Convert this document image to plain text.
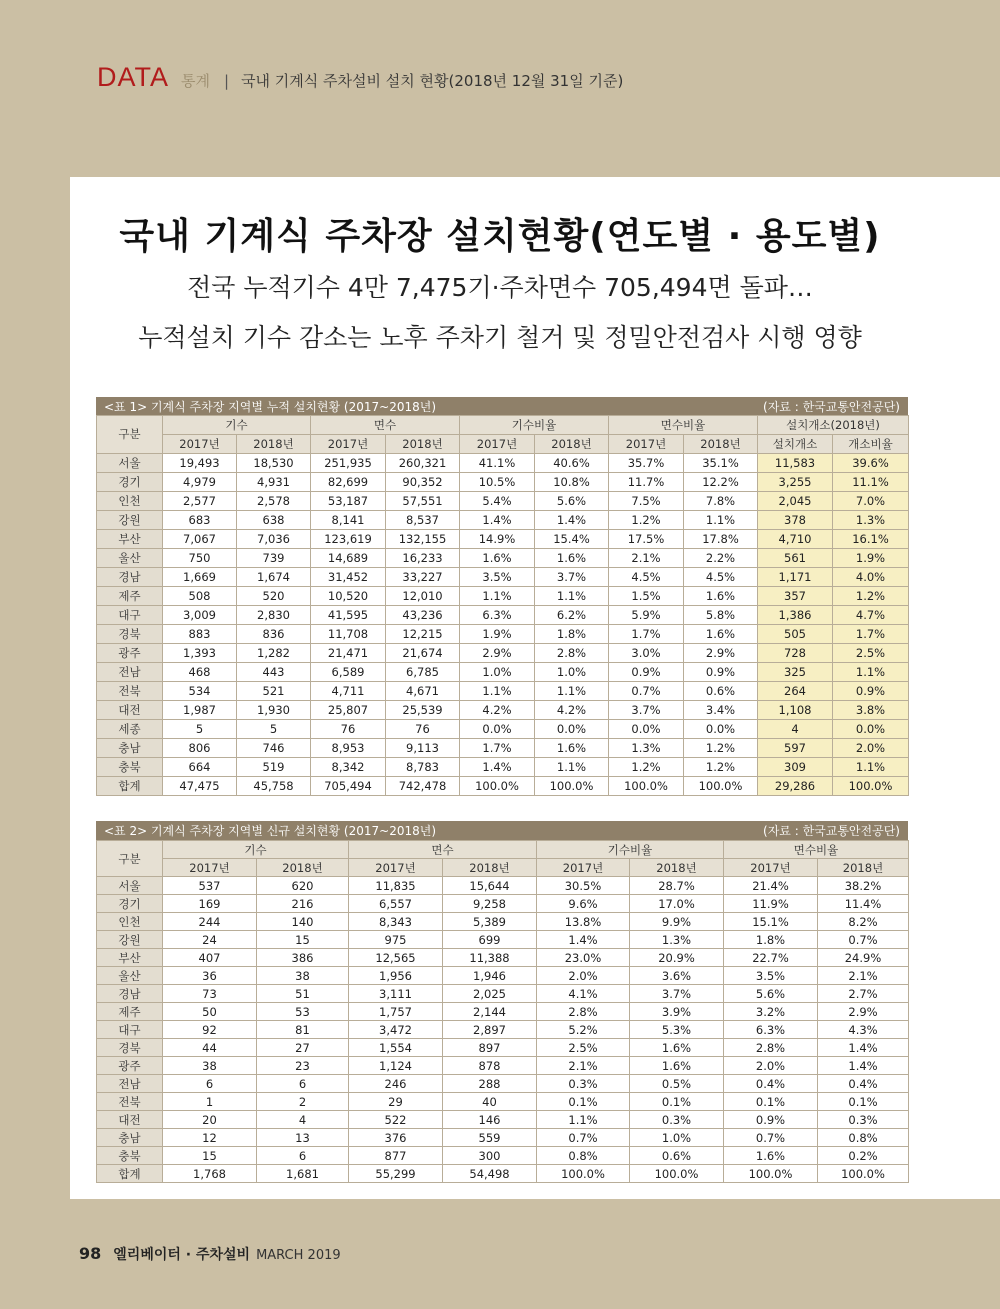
DATA 통계 | 국내 기계식 주차설비 설치 현황(2018년 12월 31일 기준)
국내 기계식 주차장 설치현황(연도별 · 용도별)
전국 누적기수 4만 7,475기·주차면수 705,494면 돌파…
누적설치 기수 감소는 노후 주차기 철거 및 정밀안전검사 시행 영향
<표 1> 기계식 주차장 지역별 누적 설치현황 (2017~2018년)	(자료 : 한국교통안전공단)
구분	기수		면수		기수비율		면수비율		설치개소(2018년)	
	2017년	2018년	2017년	2018년	2017년	2018년	2017년	2018년	설치개소	개소비율
서울	19,493	18,530	251,935	260,321	41.1%	40.6%	35.7%	35.1%	11,583	39.6%
경기	4,979	4,931	82,699	90,352	10.5%	10.8%	11.7%	12.2%	3,255	11.1%
인천	2,577	2,578	53,187	57,551	5.4%	5.6%	7.5%	7.8%	2,045	7.0%
강원	683	638	8,141	8,537	1.4%	1.4%	1.2%	1.1%	378	1.3%
부산	7,067	7,036	123,619	132,155	14.9%	15.4%	17.5%	17.8%	4,710	16.1%
울산	750	739	14,689	16,233	1.6%	1.6%	2.1%	2.2%	561	1.9%
경남	1,669	1,674	31,452	33,227	3.5%	3.7%	4.5%	4.5%	1,171	4.0%
제주	508	520	10,520	12,010	1.1%	1.1%	1.5%	1.6%	357	1.2%
대구	3,009	2,830	41,595	43,236	6.3%	6.2%	5.9%	5.8%	1,386	4.7%
경북	883	836	11,708	12,215	1.9%	1.8%	1.7%	1.6%	505	1.7%
광주	1,393	1,282	21,471	21,674	2.9%	2.8%	3.0%	2.9%	728	2.5%
전남	468	443	6,589	6,785	1.0%	1.0%	0.9%	0.9%	325	1.1%
전북	534	521	4,711	4,671	1.1%	1.1%	0.7%	0.6%	264	0.9%
대전	1,987	1,930	25,807	25,539	4.2%	4.2%	3.7%	3.4%	1,108	3.8%
세종	5	5	76	76	0.0%	0.0%	0.0%	0.0%	4	0.0%
충남	806	746	8,953	9,113	1.7%	1.6%	1.3%	1.2%	597	2.0%
충북	664	519	8,342	8,783	1.4%	1.1%	1.2%	1.2%	309	1.1%
합계	47,475	45,758	705,494	742,478	100.0%	100.0%	100.0%	100.0%	29,286	100.0%
<표 2> 기계식 주차장 지역별 신규 설치현황 (2017~2018년)	(자료 : 한국교통안전공단)
구분	기수		면수		기수비율		면수비율	
	2017년	2018년	2017년	2018년	2017년	2018년	2017년	2018년
서울	537	620	11,835	15,644	30.5%	28.7%	21.4%	38.2%
경기	169	216	6,557	9,258	9.6%	17.0%	11.9%	11.4%
인천	244	140	8,343	5,389	13.8%	9.9%	15.1%	8.2%
강원	24	15	975	699	1.4%	1.3%	1.8%	0.7%
부산	407	386	12,565	11,388	23.0%	20.9%	22.7%	24.9%
울산	36	38	1,956	1,946	2.0%	3.6%	3.5%	2.1%
경남	73	51	3,111	2,025	4.1%	3.7%	5.6%	2.7%
제주	50	53	1,757	2,144	2.8%	3.9%	3.2%	2.9%
대구	92	81	3,472	2,897	5.2%	5.3%	6.3%	4.3%
경북	44	27	1,554	897	2.5%	1.6%	2.8%	1.4%
광주	38	23	1,124	878	2.1%	1.6%	2.0%	1.4%
전남	6	6	246	288	0.3%	0.5%	0.4%	0.4%
전북	1	2	29	40	0.1%	0.1%	0.1%	0.1%
대전	20	4	522	146	1.1%	0.3%	0.9%	0.3%
충남	12	13	376	559	0.7%	1.0%	0.7%	0.8%
충북	15	6	877	300	0.8%	0.6%	1.6%	0.2%
합계	1,768	1,681	55,299	54,498	100.0%	100.0%	100.0%	100.0%
98 엘리베이터 · 주차설비 MARCH 2019
